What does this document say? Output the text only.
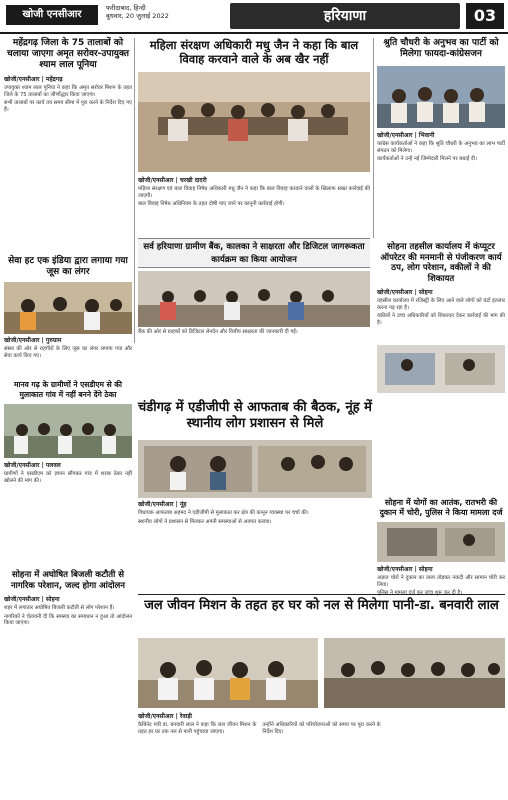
खोजी एनसीआर
फरीदाबाद, हिन्दी
बुधवार, 20 जुलाई 2022	हरियाणा	03
महेंद्रगढ़ जिला के 75 तालाबों को चलाया जाएगा अमृत सरोवर-उपायुक्त श्याम लाल पूनिया
खोजी/एनसीआर | महेंद्रगढ़

उपायुक्त श्याम लाल पूनिया ने कहा कि अमृत सरोवर मिशन के तहत जिले के 75 तालाबों का जीर्णोद्धार किया जाएगा।

सभी तालाबों पर कार्य तय समय सीमा में पूरा करने के निर्देश दिए गए हैं।

महिला संरक्षण अधिकारी मधु जैन ने कहा कि बाल विवाह करवाने वाले के अब खैर नहीं
खोजी/एनसीआर | चरखी दादरी

महिला संरक्षण एवं बाल विवाह निषेध अधिकारी मधु जैन ने कहा कि बाल विवाह करवाने वालों के खिलाफ सख्त कार्रवाई की जाएगी।

बाल विवाह निषेध अधिनियम के तहत दोषी पाए जाने पर कानूनी कार्रवाई होगी।

श्रुति चौधरी के अनुभव का पार्टी को मिलेगा फायदा-कांग्रेसजन
खोजी/एनसीआर | भिवानी

कांग्रेस कार्यकर्ताओं ने कहा कि श्रुति चौधरी के अनुभव का लाभ पार्टी संगठन को मिलेगा।

कार्यकर्ताओं ने उन्हें नई जिम्मेदारी मिलने पर बधाई दी।

सर्व हरियाणा ग्रामीण बैंक, कालका ने साक्षरता और डिजिटल जागरूकता कार्यक्रम का किया आयोजन

बैंक की ओर से ग्राहकों को डिजिटल लेनदेन और वित्तीय साक्षरता की जानकारी दी गई।

सोहना तहसील कार्यालय में कंप्यूटर ऑपरेटर की मनमानी से पंजीकरण कार्य ठप, लोग परेशान, वकीलों ने की शिकायत
खोजी/एनसीआर | सोहना

तहसील कार्यालय में रजिस्ट्री के लिए आने वाले लोगों को घंटों इंतजार करना पड़ रहा है।

वकीलों ने उच्च अधिकारियों को शिकायत देकर कार्रवाई की मांग की है।

सेवा हट एक इंडिया द्वारा लगाया गया जूस का लंगर
खोजी/एनसीआर | गुरुग्राम

संस्था की ओर से राहगीरों के लिए जूस का लंगर लगाया गया और सेवा कार्य किए गए।

मानव गढ़ के ग्रामीणों ने एसडीएम से की मुलाकात गांव में नहीं बनने देंगे ठेका
खोजी/एनसीआर | पलवल

ग्रामीणों ने एसडीएम को ज्ञापन सौंपकर गांव में शराब ठेका नहीं खोलने की मांग की।

चंडीगढ़ में एडीजीपी से आफताब की बैठक, नूंह में स्थानीय लोग प्रशासन से मिले
खोजी/एनसीआर | नूंह

विधायक आफताब अहमद ने एडीजीपी से मुलाकात कर क्षेत्र की कानून व्यवस्था पर चर्चा की।

स्थानीय लोगों ने प्रशासन से मिलकर अपनी समस्याओं से अवगत कराया।

सोहना में योगों का आतंक, रातभरी की दुकान में चोरी, पुलिस ने किया मामला दर्ज
खोजी/एनसीआर | सोहना

अज्ञात चोरों ने दुकान का ताला तोड़कर नकदी और सामान चोरी कर लिया।

सोहना में अघोषित बिजली कटौती से नागरिक परेशान, जल्द होगा आंदोलन
खोजी/एनसीआर | सोहना

शहर में लगातार अघोषित बिजली कटौती से लोग परेशान हैं।

नागरिकों ने चेतावनी दी कि समस्या का समाधान न हुआ तो आंदोलन किया जाएगा।

जल जीवन मिशन के तहत हर घर को नल से मिलेगा पानी-डा. बनवारी लाल
खोजी/एनसीआर | रेवाड़ी

कैबिनेट मंत्री डा. बनवारी लाल ने कहा कि जल जीवन मिशन के तहत हर घर तक नल से पानी पहुंचाया जाएगा।

उन्होंने अधिकारियों को परियोजनाओं को समय पर पूरा करने के निर्देश दिए।
